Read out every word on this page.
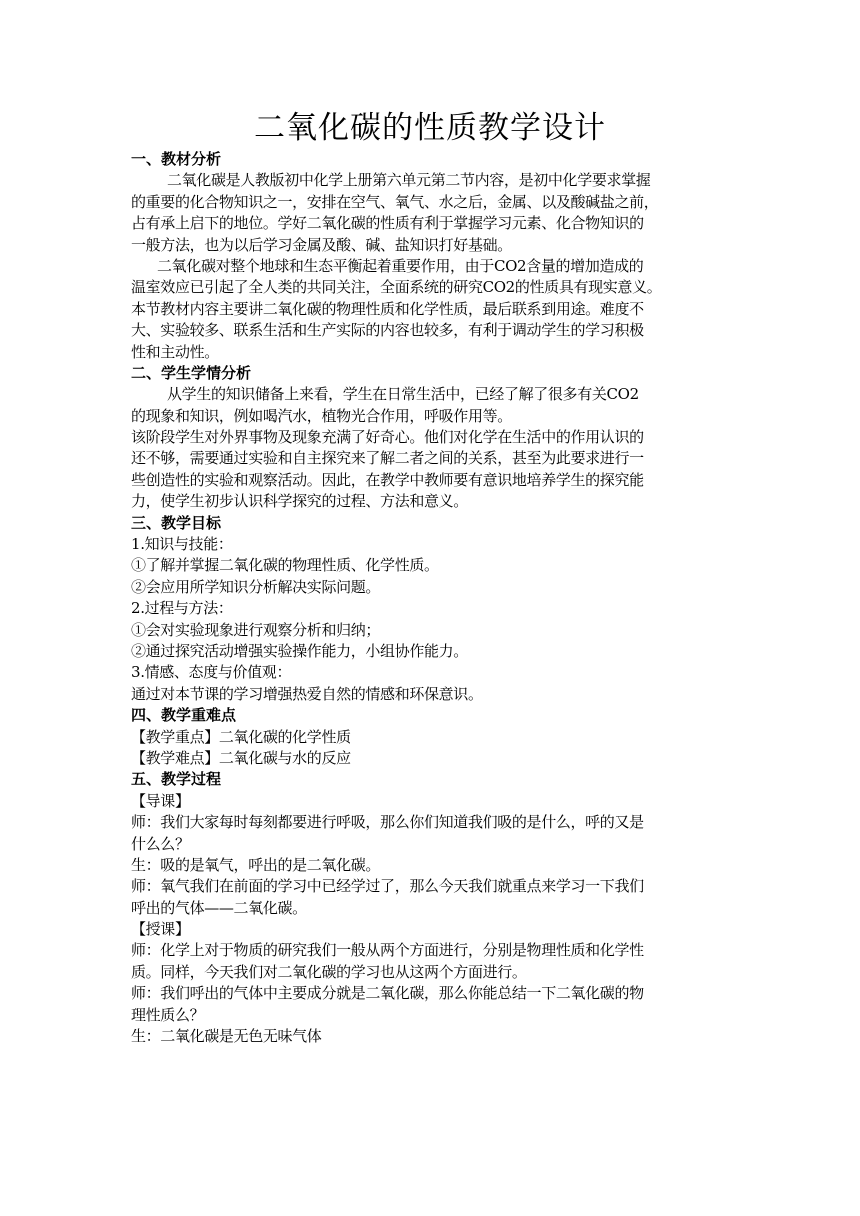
二氧化碳的性质教学设计
一、教材分析
二氧化碳是人教版初中化学上册第六单元第二节内容，是初中化学要求掌握
的重要的化合物知识之一，安排在空气、氧气、水之后，金属、以及酸碱盐之前，
占有承上启下的地位。学好二氧化碳的性质有利于掌握学习元素、化合物知识的
一般方法，也为以后学习金属及酸、碱、盐知识打好基础。
二氧化碳对整个地球和生态平衡起着重要作用，由于CO2含量的增加造成的
温室效应已引起了全人类的共同关注，全面系统的研究CO2的性质具有现实意义。
本节教材内容主要讲二氧化碳的物理性质和化学性质，最后联系到用途。难度不
大、实验较多、联系生活和生产实际的内容也较多，有利于调动学生的学习积极
性和主动性。
二、学生学情分析
从学生的知识储备上来看，学生在日常生活中，已经了解了很多有关CO2
的现象和知识，例如喝汽水，植物光合作用，呼吸作用等。
该阶段学生对外界事物及现象充满了好奇心。他们对化学在生活中的作用认识的
还不够，需要通过实验和自主探究来了解二者之间的关系，甚至为此要求进行一
些创造性的实验和观察活动。因此，在教学中教师要有意识地培养学生的探究能
力，使学生初步认识科学探究的过程、方法和意义。
三、教学目标
1.知识与技能：
①了解并掌握二氧化碳的物理性质、化学性质。
②会应用所学知识分析解决实际问题。
2.过程与方法：
①会对实验现象进行观察分析和归纳；
②通过探究活动增强实验操作能力，小组协作能力。
3.情感、态度与价值观：
通过对本节课的学习增强热爱自然的情感和环保意识。
四、教学重难点
【教学重点】二氧化碳的化学性质
【教学难点】二氧化碳与水的反应
五、教学过程
【导课】
师：我们大家每时每刻都要进行呼吸，那么你们知道我们吸的是什么，呼的又是
什么么？
生：吸的是氧气，呼出的是二氧化碳。
师：氧气我们在前面的学习中已经学过了，那么今天我们就重点来学习一下我们
呼出的气体——二氧化碳。
【授课】
师：化学上对于物质的研究我们一般从两个方面进行，分别是物理性质和化学性
质。同样，今天我们对二氧化碳的学习也从这两个方面进行。
师：我们呼出的气体中主要成分就是二氧化碳，那么你能总结一下二氧化碳的物
理性质么？
生：二氧化碳是无色无味气体
